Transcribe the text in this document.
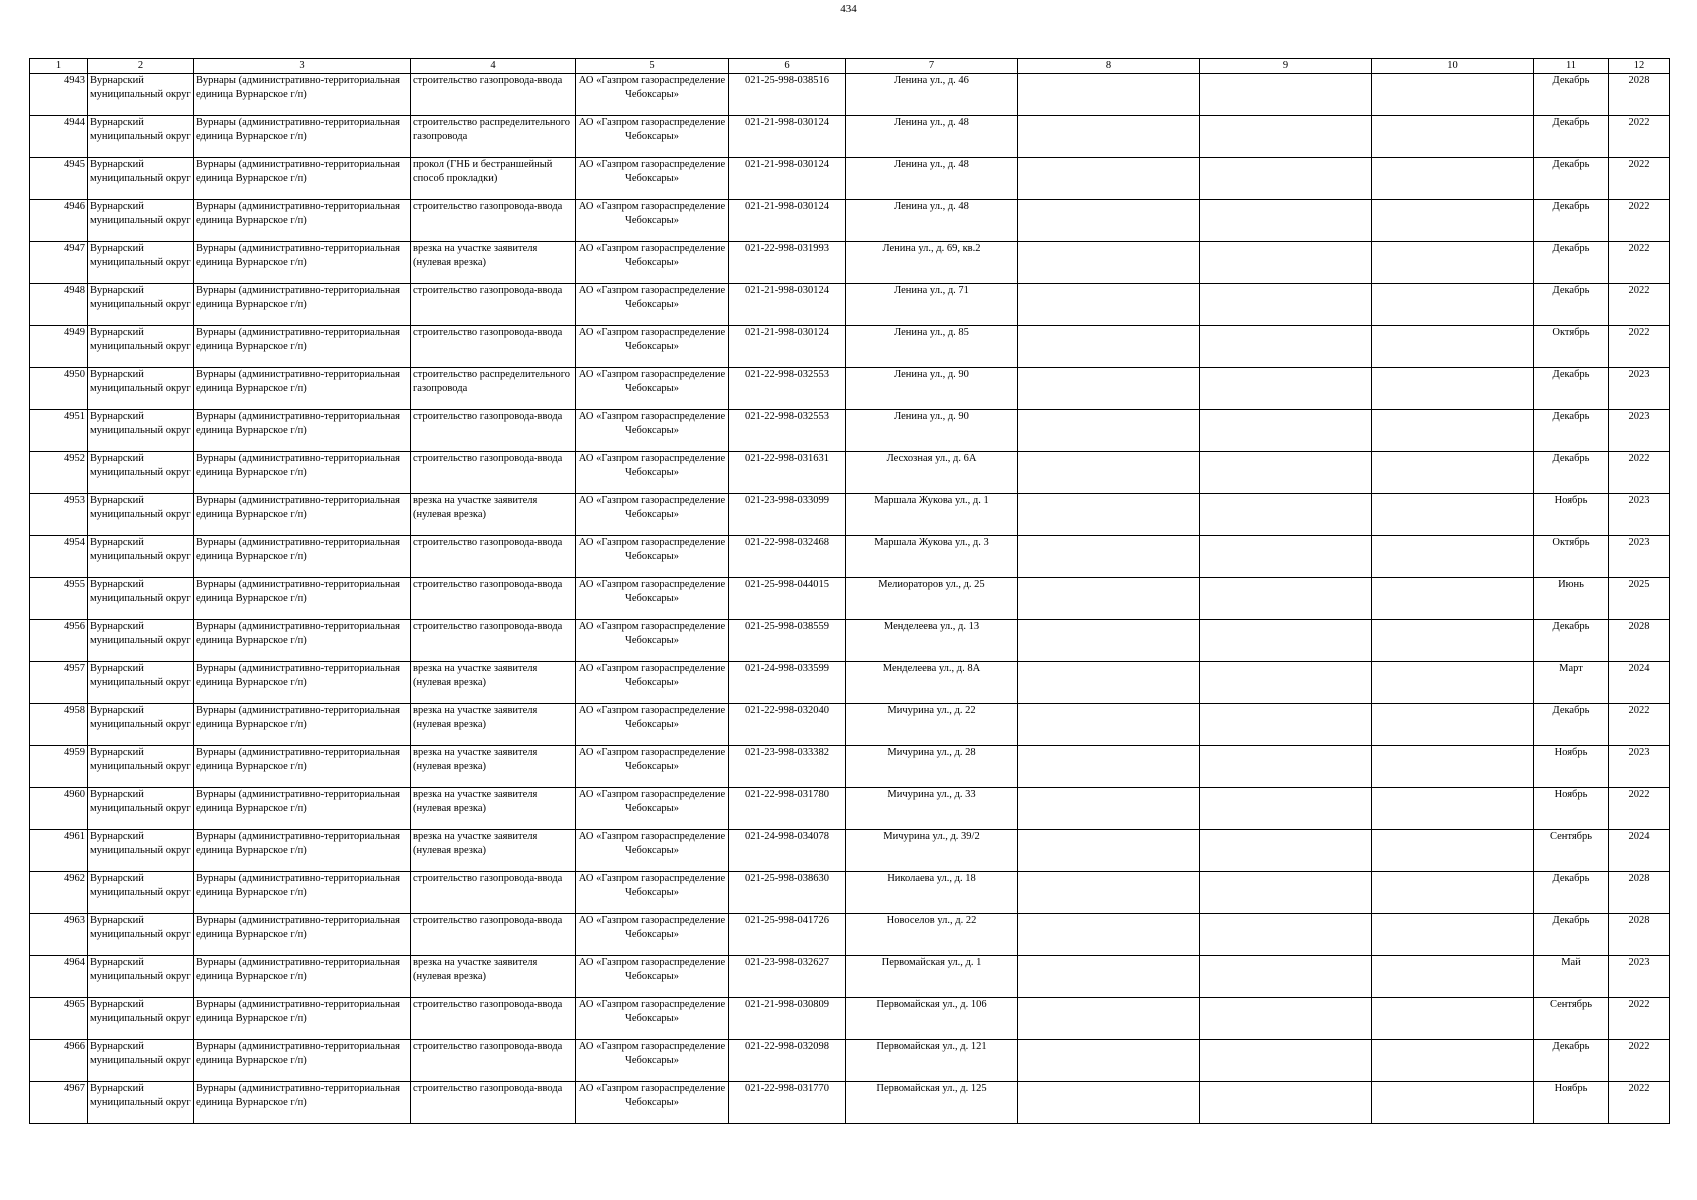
434
1	2	3	4	5	6	7	8	9	10	11	12

4943	Вурнарский муниципальный округ	Вурнары (административно-территориальная единица Вурнарское г/п)	строительство газопровода-ввода	АО «Газпром газораспределение Чебоксары»	021-25-998-038516	Ленина ул., д. 46				Декабрь	2028

4944	Вурнарский муниципальный округ	Вурнары (административно-территориальная единица Вурнарское г/п)	строительство распределительного газопровода	АО «Газпром газораспределение Чебоксары»	021-21-998-030124	Ленина ул., д. 48				Декабрь	2022

4945	Вурнарский муниципальный округ	Вурнары (административно-территориальная единица Вурнарское г/п)	прокол (ГНБ и бестраншейный способ прокладки)	АО «Газпром газораспределение Чебоксары»	021-21-998-030124	Ленина ул., д. 48				Декабрь	2022

4946	Вурнарский муниципальный округ	Вурнары (административно-территориальная единица Вурнарское г/п)	строительство газопровода-ввода	АО «Газпром газораспределение Чебоксары»	021-21-998-030124	Ленина ул., д. 48				Декабрь	2022

4947	Вурнарский муниципальный округ	Вурнары (административно-территориальная единица Вурнарское г/п)	врезка на участке заявителя (нулевая врезка)	АО «Газпром газораспределение Чебоксары»	021-22-998-031993	Ленина ул., д. 69, кв.2				Декабрь	2022

4948	Вурнарский муниципальный округ	Вурнары (административно-территориальная единица Вурнарское г/п)	строительство газопровода-ввода	АО «Газпром газораспределение Чебоксары»	021-21-998-030124	Ленина ул., д. 71				Декабрь	2022

4949	Вурнарский муниципальный округ	Вурнары (административно-территориальная единица Вурнарское г/п)	строительство газопровода-ввода	АО «Газпром газораспределение Чебоксары»	021-21-998-030124	Ленина ул., д. 85				Октябрь	2022

4950	Вурнарский муниципальный округ	Вурнары (административно-территориальная единица Вурнарское г/п)	строительство распределительного газопровода	АО «Газпром газораспределение Чебоксары»	021-22-998-032553	Ленина ул., д. 90				Декабрь	2023

4951	Вурнарский муниципальный округ	Вурнары (административно-территориальная единица Вурнарское г/п)	строительство газопровода-ввода	АО «Газпром газораспределение Чебоксары»	021-22-998-032553	Ленина ул., д. 90				Декабрь	2023

4952	Вурнарский муниципальный округ	Вурнары (административно-территориальная единица Вурнарское г/п)	строительство газопровода-ввода	АО «Газпром газораспределение Чебоксары»	021-22-998-031631	Лесхозная ул., д. 6А				Декабрь	2022

4953	Вурнарский муниципальный округ	Вурнары (административно-территориальная единица Вурнарское г/п)	врезка на участке заявителя (нулевая врезка)	АО «Газпром газораспределение Чебоксары»	021-23-998-033099	Маршала Жукова ул., д. 1				Ноябрь	2023

4954	Вурнарский муниципальный округ	Вурнары (административно-территориальная единица Вурнарское г/п)	строительство газопровода-ввода	АО «Газпром газораспределение Чебоксары»	021-22-998-032468	Маршала Жукова ул., д. 3				Октябрь	2023

4955	Вурнарский муниципальный округ	Вурнары (административно-территориальная единица Вурнарское г/п)	строительство газопровода-ввода	АО «Газпром газораспределение Чебоксары»	021-25-998-044015	Мелиораторов ул., д. 25				Июнь	2025

4956	Вурнарский муниципальный округ	Вурнары (административно-территориальная единица Вурнарское г/п)	строительство газопровода-ввода	АО «Газпром газораспределение Чебоксары»	021-25-998-038559	Менделеева ул., д. 13				Декабрь	2028

4957	Вурнарский муниципальный округ	Вурнары (административно-территориальная единица Вурнарское г/п)	врезка на участке заявителя (нулевая врезка)	АО «Газпром газораспределение Чебоксары»	021-24-998-033599	Менделеева ул., д. 8А				Март	2024

4958	Вурнарский муниципальный округ	Вурнары (административно-территориальная единица Вурнарское г/п)	врезка на участке заявителя (нулевая врезка)	АО «Газпром газораспределение Чебоксары»	021-22-998-032040	Мичурина ул., д. 22				Декабрь	2022

4959	Вурнарский муниципальный округ	Вурнары (административно-территориальная единица Вурнарское г/п)	врезка на участке заявителя (нулевая врезка)	АО «Газпром газораспределение Чебоксары»	021-23-998-033382	Мичурина ул., д. 28				Ноябрь	2023

4960	Вурнарский муниципальный округ	Вурнары (административно-территориальная единица Вурнарское г/п)	врезка на участке заявителя (нулевая врезка)	АО «Газпром газораспределение Чебоксары»	021-22-998-031780	Мичурина ул., д. 33				Ноябрь	2022

4961	Вурнарский муниципальный округ	Вурнары (административно-территориальная единица Вурнарское г/п)	врезка на участке заявителя (нулевая врезка)	АО «Газпром газораспределение Чебоксары»	021-24-998-034078	Мичурина ул., д. 39/2				Сентябрь	2024

4962	Вурнарский муниципальный округ	Вурнары (административно-территориальная единица Вурнарское г/п)	строительство газопровода-ввода	АО «Газпром газораспределение Чебоксары»	021-25-998-038630	Николаева ул., д. 18				Декабрь	2028

4963	Вурнарский муниципальный округ	Вурнары (административно-территориальная единица Вурнарское г/п)	строительство газопровода-ввода	АО «Газпром газораспределение Чебоксары»	021-25-998-041726	Новоселов ул., д. 22				Декабрь	2028

4964	Вурнарский муниципальный округ	Вурнары (административно-территориальная единица Вурнарское г/п)	врезка на участке заявителя (нулевая врезка)	АО «Газпром газораспределение Чебоксары»	021-23-998-032627	Первомайская ул., д. 1				Май	2023

4965	Вурнарский муниципальный округ	Вурнары (административно-территориальная единица Вурнарское г/п)	строительство газопровода-ввода	АО «Газпром газораспределение Чебоксары»	021-21-998-030809	Первомайская ул., д. 106				Сентябрь	2022

4966	Вурнарский муниципальный округ	Вурнары (административно-территориальная единица Вурнарское г/п)	строительство газопровода-ввода	АО «Газпром газораспределение Чебоксары»	021-22-998-032098	Первомайская ул., д. 121				Декабрь	2022

4967	Вурнарский муниципальный округ	Вурнары (административно-территориальная единица Вурнарское г/п)	строительство газопровода-ввода	АО «Газпром газораспределение Чебоксары»	021-22-998-031770	Первомайская ул., д. 125				Ноябрь	2022
